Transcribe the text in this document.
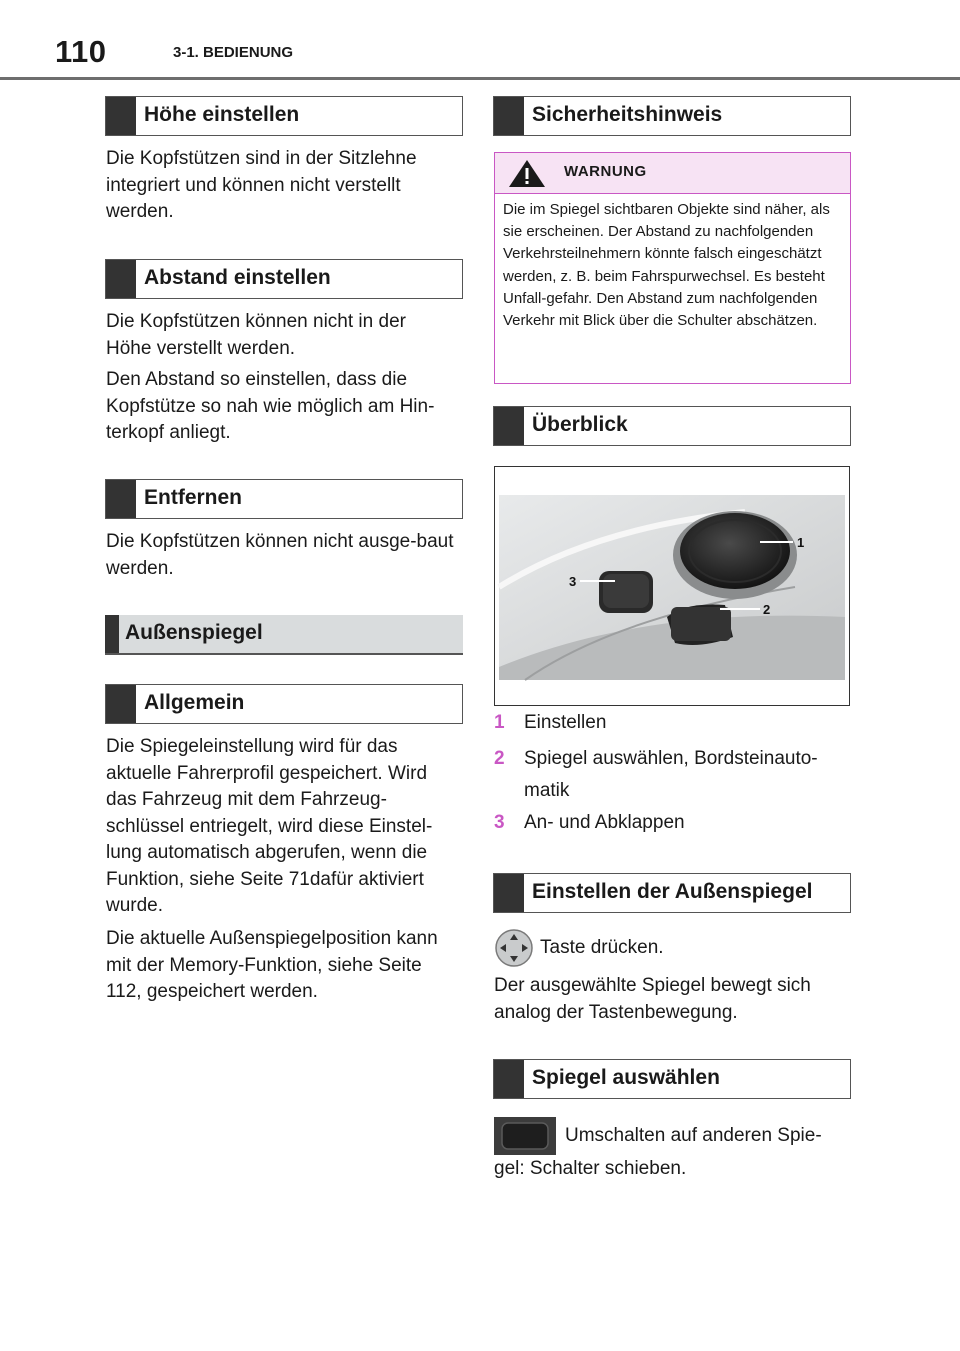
110	3-1. BEDIENUNG
Höhe einstellen
Die Kopfstützen sind in der Sitzlehne integriert und können nicht verstellt werden.
Abstand einstellen
Die Kopfstützen können nicht in der Höhe verstellt werden.
Den Abstand so einstellen, dass die Kopfstütze so nah wie möglich am Hin-terkopf anliegt.
Entfernen
Die Kopfstützen können nicht ausge-baut werden.
Außenspiegel
Allgemein
Die Spiegeleinstellung wird für das aktuelle Fahrerprofil gespeichert. Wird das Fahrzeug mit dem Fahrzeug-schlüssel entriegelt, wird diese Einstel-lung automatisch abgerufen, wenn die Funktion, siehe Seite 71dafür aktiviert wurde.
Die aktuelle Außenspiegelposition kann mit der Memory-Funktion, siehe Seite 112, gespeichert werden.
Sicherheitshinweis
WARNUNG
Die im Spiegel sichtbaren Objekte sind näher, als sie erscheinen. Der Abstand zu nachfolgenden Verkehrsteilnehmern könnte falsch eingeschätzt werden, z. B. beim Fahrspurwechsel. Es besteht Unfall-gefahr. Den Abstand zum nachfolgenden Verkehr mit Blick über die Schulter abschätzen.
Überblick
1
2
3
1 Einstellen
2 Spiegel auswählen, Bordsteinauto-matik
3 An- und Abklappen
Einstellen der Außenspiegel
Taste drücken.
Der ausgewählte Spiegel bewegt sich analog der Tastenbewegung.
Spiegel auswählen
Umschalten auf anderen Spie-
gel: Schalter schieben.
